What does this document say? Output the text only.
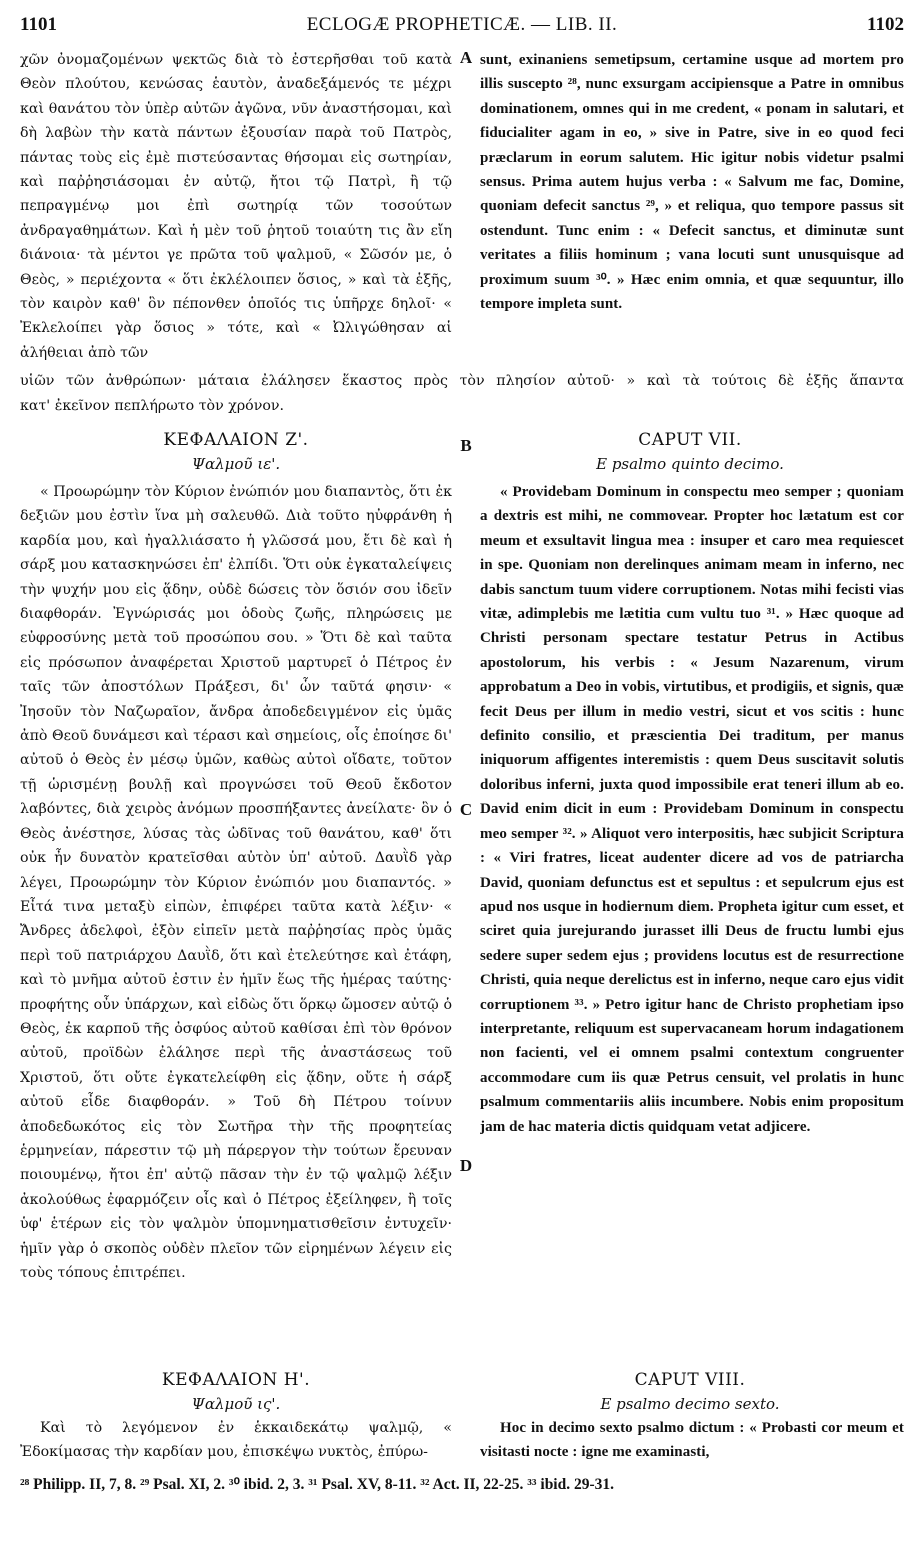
1101	ECLOGÆ PROPHETICÆ. — LIB. II.	1102

χῶν ὀνομαζομένων ψεκτῶς διὰ τὸ ἐστερῆσθαι τοῦ κατὰ Θεὸν πλούτου, κενώσας ἑαυτὸν, ἀναδεξάμενός τε μέχρι καὶ θανάτου τὸν ὑπὲρ αὐτῶν ἀγῶνα, νῦν ἀναστήσομαι, καὶ δὴ λαβὼν τὴν κατὰ πάντων ἐξουσίαν παρὰ τοῦ Πατρὸς, πάντας τοὺς εἰς ἐμὲ πιστεύσαντας θήσομαι εἰς σωτηρίαν, καὶ παῤῥησιάσομαι ἐν αὐτῷ, ἤτοι τῷ Πατρὶ, ἢ τῷ πεπραγμένῳ μοι ἐπὶ σωτηρίᾳ τῶν τοσούτων ἀνδραγαθημάτων. Καὶ ἡ μὲν τοῦ ῥητοῦ τοιαύτη τις ἂν εἴη διάνοια· τὰ μέντοι γε πρῶτα τοῦ ψαλμοῦ, « Σῶσόν με, ὁ Θεὸς, » περιέχοντα « ὅτι ἐκλέλοιπεν ὅσιος, » καὶ τὰ ἑξῆς, τὸν καιρὸν καθ' ὃν πέπονθεν ὁποῖός τις ὑπῆρχε δηλοῖ· « Ἐκλελοίπει γὰρ ὅσιος » τότε, καὶ « Ὠλιγώθησαν αἱ ἀλήθειαι ἀπὸ τῶν

sunt, exinaniens semetipsum, certamine usque ad mortem pro illis suscepto ²⁸, nunc exsurgam accipiensque a Patre in omnibus dominationem, omnes qui in me credent, « ponam in salutari, et fiducialiter agam in eo, » sive in Patre, sive in eo quod feci præclarum in eorum salutem. Hic igitur nobis videtur psalmi sensus. Prima autem hujus verba : « Salvum me fac, Domine, quoniam defecit sanctus ²⁹, » et reliqua, quo tempore passus sit ostendunt. Tunc enim : « Defecit sanctus, et diminutæ sunt veritates a filiis hominum ; vana locuti sunt unusquisque ad proximum suum ³⁰. » Hæc enim omnia, et quæ sequuntur, illo tempore impleta sunt.

υἱῶν τῶν ἀνθρώπων· μάταια ἐλάλησεν ἕκαστος πρὸς τὸν πλησίον αὐτοῦ· » καὶ τὰ τούτοις δὲ ἑξῆς ἅπαντα
κατ' ἐκεῖνον πεπλήρωτο τὸν χρόνον.
A
B
C
D
ΚΕΦΑΛΑΙΟΝ Ζ'.
Ψαλμοῦ ιε'.
CAPUT VII.
E psalmo quinto decimo.

« Προωρώμην τὸν Κύριον ἐνώπιόν μου διαπαντὸς, ὅτι ἐκ δεξιῶν μου ἐστὶν ἵνα μὴ σαλευθῶ. Διὰ τοῦτο ηὐφράνθη ἡ καρδία μου, καὶ ἠγαλλιάσατο ἡ γλῶσσά μου, ἔτι δὲ καὶ ἡ σάρξ μου κατασκηνώσει ἐπ' ἐλπίδι. Ὅτι οὐκ ἐγκαταλείψεις τὴν ψυχήν μου εἰς ᾅδην, οὐδὲ δώσεις τὸν ὅσιόν σου ἰδεῖν διαφθοράν. Ἐγνώρισάς μοι ὁδοὺς ζωῆς, πληρώσεις με εὐφροσύνης μετὰ τοῦ προσώπου σου. » Ὅτι δὲ καὶ ταῦτα εἰς πρόσωπον ἀναφέρεται Χριστοῦ μαρτυρεῖ ὁ Πέτρος ἐν ταῖς τῶν ἀποστόλων Πράξεσι, δι' ὧν ταῦτά φησιν· « Ἰησοῦν τὸν Ναζωραῖον, ἄνδρα ἀποδεδειγμένον εἰς ὑμᾶς ἀπὸ Θεοῦ δυνάμεσι καὶ τέρασι καὶ σημείοις, οἷς ἐποίησε δι' αὐτοῦ ὁ Θεὸς ἐν μέσῳ ὑμῶν, καθὼς αὐτοὶ οἴδατε, τοῦτον τῇ ὡρισμένῃ βουλῇ καὶ προγνώσει τοῦ Θεοῦ ἔκδοτον λαβόντες, διὰ χειρὸς ἀνόμων προσπήξαντες ἀνείλατε· ὃν ὁ Θεὸς ἀνέστησε, λύσας τὰς ὠδῖνας τοῦ θανάτου, καθ' ὅτι οὐκ ἦν δυνατὸν κρατεῖσθαι αὐτὸν ὑπ' αὐτοῦ. Δαυῒδ γὰρ λέγει, Προωρώμην τὸν Κύριον ἐνώπιόν μου διαπαντός. » Εἶτά τινα μεταξὺ εἰπὼν, ἐπιφέρει ταῦτα κατὰ λέξιν· « Ἄνδρες ἀδελφοὶ, ἐξὸν εἰπεῖν μετὰ παῤῥησίας πρὸς ὑμᾶς περὶ τοῦ πατριάρχου Δαυῒδ, ὅτι καὶ ἐτελεύτησε καὶ ἐτάφη, καὶ τὸ μνῆμα αὐτοῦ ἐστιν ἐν ἡμῖν ἕως τῆς ἡμέρας ταύτης· προφήτης οὖν ὑπάρχων, καὶ εἰδὼς ὅτι ὅρκῳ ὤμοσεν αὐτῷ ὁ Θεὸς, ἐκ καρποῦ τῆς ὀσφύος αὐτοῦ καθίσαι ἐπὶ τὸν θρόνον αὐτοῦ, προϊδὼν ἐλάλησε περὶ τῆς ἀναστάσεως τοῦ Χριστοῦ, ὅτι οὔτε ἐγκατελείφθη εἰς ᾅδην, οὔτε ἡ σάρξ αὐτοῦ εἶδε διαφθοράν. » Τοῦ δὴ Πέτρου τοίνυν ἀποδεδωκότος εἰς τὸν Σωτῆρα τὴν τῆς προφητείας ἑρμηνείαν, πάρεστιν τῷ μὴ πάρεργον τὴν τούτων ἔρευναν ποιουμένῳ, ἤτοι ἐπ' αὐτῷ πᾶσαν τὴν ἐν τῷ ψαλμῷ λέξιν ἀκολούθως ἐφαρμόζειν οἷς καὶ ὁ Πέτρος ἐξείληφεν, ἢ τοῖς ὑφ' ἑτέρων εἰς τὸν ψαλμὸν ὑπομνηματισθεῖσιν ἐντυχεῖν· ἡμῖν γὰρ ὁ σκοπὸς οὐδὲν πλεῖον τῶν εἰρημένων λέγειν εἰς τοὺς τόπους ἐπιτρέπει.

« Providebam Dominum in conspectu meo semper ; quoniam a dextris est mihi, ne commovear. Propter hoc lætatum est cor meum et exsultavit lingua mea : insuper et caro mea requiescet in spe. Quoniam non derelinques animam meam in inferno, nec dabis sanctum tuum videre corruptionem. Notas mihi fecisti vias vitæ, adimplebis me lætitia cum vultu tuo ³¹. » Hæc quoque ad Christi personam spectare testatur Petrus in Actibus apostolorum, his verbis : « Jesum Nazarenum, virum approbatum a Deo in vobis, virtutibus, et prodigiis, et signis, quæ fecit Deus per illum in medio vestri, sicut et vos scitis : hunc definito consilio, et præscientia Dei traditum, per manus iniquorum affigentes interemistis : quem Deus suscitavit solutis doloribus inferni, juxta quod impossibile erat teneri illum ab eo. David enim dicit in eum : Providebam Dominum in conspectu meo semper ³². » Aliquot vero interpositis, hæc subjicit Scriptura : « Viri fratres, liceat audenter dicere ad vos de patriarcha David, quoniam defunctus est et sepultus : et sepulcrum ejus est apud nos usque in hodiernum diem. Propheta igitur cum esset, et sciret quia jurejurando jurasset illi Deus de fructu lumbi ejus sedere super sedem ejus ; providens locutus est de resurrectione Christi, quia neque derelictus est in inferno, neque caro ejus vidit corruptionem ³³. » Petro igitur hanc de Christo prophetiam ipso interpretante, reliquum est supervacaneam horum indagationem non facienti, vel ei omnem psalmi contextum congruenter accommodare cum iis quæ Petrus censuit, vel prolatis in hunc psalmum commentariis aliis incumbere. Nobis enim propositum jam de hac materia dictis quidquam vetat adjicere.

ΚΕΦΑΛΑΙΟΝ Η'.
Ψαλμοῦ ις'.
CAPUT VIII.
E psalmo decimo sexto.

Καὶ τὸ λεγόμενον ἐν ἑκκαιδεκάτῳ ψαλμῷ, « Ἐδοκίμασας τὴν καρδίαν μου, ἐπισκέψω νυκτὸς, ἐπύρω-

Hoc in decimo sexto psalmo dictum : « Probasti cor meum et visitasti nocte : igne me examinasti,

²⁸ Philipp. II, 7, 8. ²⁹ Psal. XI, 2. ³⁰ ibid. 2, 3. ³¹ Psal. XV, 8-11. ³² Act. II, 22-25. ³³ ibid. 29-31.
